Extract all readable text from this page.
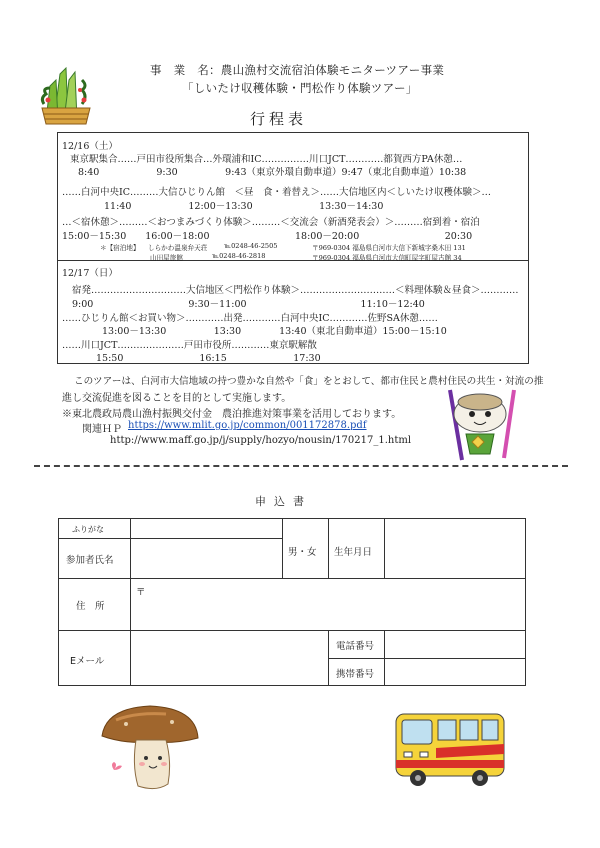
事　業　名：農山漁村交流宿泊体験モニターツアー事業
「しいたけ収穫体験・門松作り体験ツアー」
行程表
12/16（土）
東京駅集合……戸田市役所集合…外環浦和IC……………川口JCT…………都賀西方PA休憩…
8:40　　　　　　9:30　　　　　9:43（東京外環自動車道）9:47（東北自動車道）10:38
……白河中央IC………大信ひじりん館　＜昼　食・着替え＞……大信地区内＜しいたけ収穫体験＞…
11:40　　　　　　12:00－13:30　　　　　　　13:30－14:30
…＜宿休憩＞………＜おつまみづくり体験＞………＜交流会（新酒発表会）＞………宿到着・宿泊
15:00－15:30　　16:00－18:00　　　　　　　　　18:00－20:00　　　　　　　　　20:30
＊【宿泊地】 しらかわ温泉弁天荘	℡0248-46-2505	〒969-0304 福島県白河市大信下新城字桑木田 131
山田屋旅館	℡0248-46-2818	〒969-0304 福島県白河市大信町屋字町屋古館 34
12/17（日）
宿発…………………………大信地区＜門松作り体験＞…………………………＜料理体験＆昼食＞…………
9:00　　　　　　　　　　9:30－11:00　　　　　　　　　　　　11:10－12:40
……ひじりん館＜お買い物＞…………出発…………白河中央IC…………佐野SA休憩……
13:00－13:30　　　　　13:30　　　　13:40（東北自動車道）15:00－15:10
……川口JCT…………………戸田市役所…………東京駅解散
15:50　　　　　　　　16:15　　　　　　　17:30
このツアーは、白河市大信地域の持つ豊かな自然や「食」をとおして、都市住民と農村住民の共生・対流の推
進し交流促進を図ることを目的として実施します。
※東北農政局農山漁村振興交付金　農泊推進対策事業を活用しております。
関連ＨＰ https://www.mlit.go.jp/common/001172878.pdf
http://www.maff.go.jp/j/supply/hozyo/nousin/170217_1.html
申込書
ふりがな
参加者氏名
男・女 生年月日
住　所
〒
Eメール
電話番号
携帯番号
